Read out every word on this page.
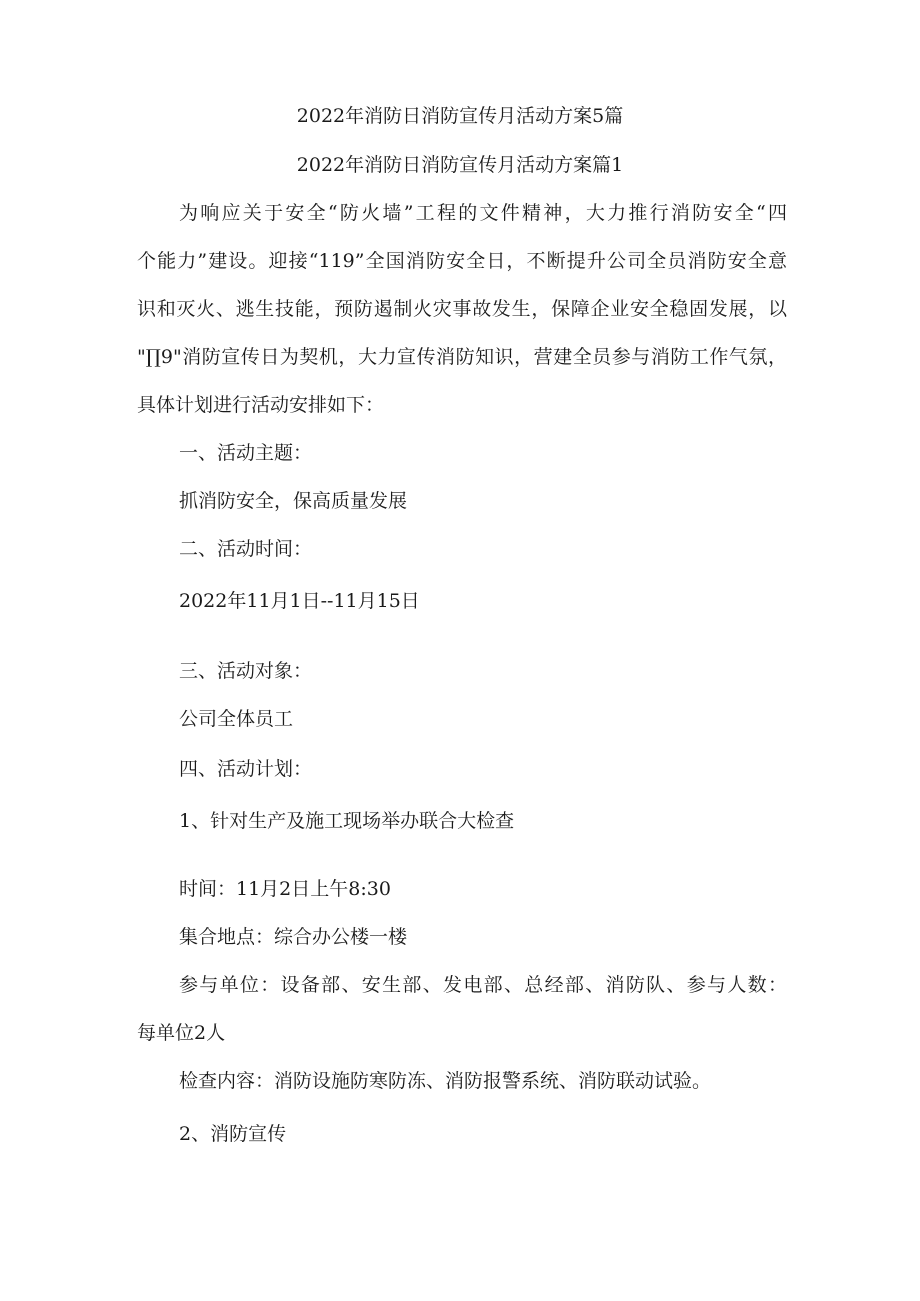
2022年消防日消防宣传月活动方案5篇
2022年消防日消防宣传月活动方案篇1
为响应关于安全“防火墙”工程的文件精神，大力推行消防安全“四
个能力”建设。迎接“119”全国消防安全日，不断提升公司全员消防安全意
识和灭火、逃生技能，预防遏制火灾事故发生，保障企业安全稳固发展，以
"∏9"消防宣传日为契机，大力宣传消防知识，营建全员参与消防工作气氛，
具体计划进行活动安排如下：
一、活动主题：
抓消防安全，保高质量发展
二、活动时间：
2022年11月1日--11月15日
三、活动对象：
公司全体员工
四、活动计划：
1、针对生产及施工现场举办联合大检查
时间：11月2日上午8:30
集合地点：综合办公楼一楼
参与单位：设备部、安生部、发电部、总经部、消防队、参与人数：
每单位2人
检查内容：消防设施防寒防冻、消防报警系统、消防联动试验。
2、消防宣传
